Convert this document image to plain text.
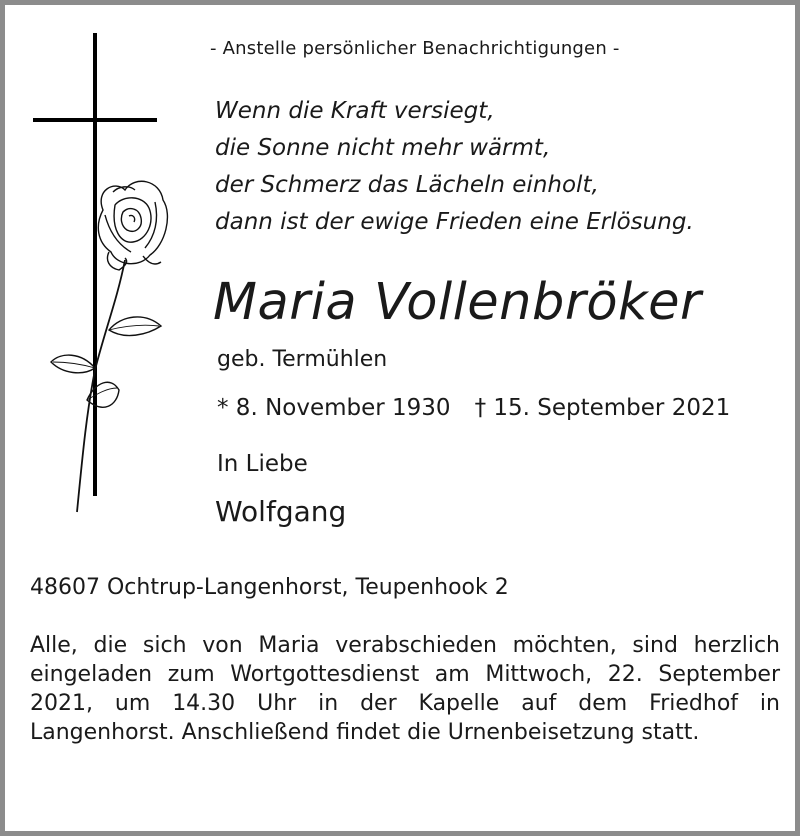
- Anstelle persönlicher Benachrichtigungen -
Wenn die Kraft versiegt,
die Sonne nicht mehr wärmt,
der Schmerz das Lächeln einholt,
dann ist der ewige Frieden eine Erlösung.
Maria Vollenbröker
geb. Termühlen
* 8. November 1930 † 15. September 2021
In Liebe
Wolfgang
48607 Ochtrup-Langenhorst, Teupenhook 2
Alle, die sich von Maria verabschieden möchten, sind herzlich eingeladen zum Wortgottesdienst am Mittwoch, 22. September 2021, um 14.30 Uhr in der Kapelle auf dem Friedhof in Langenhorst. Anschließend findet die Urnenbeisetzung statt.
